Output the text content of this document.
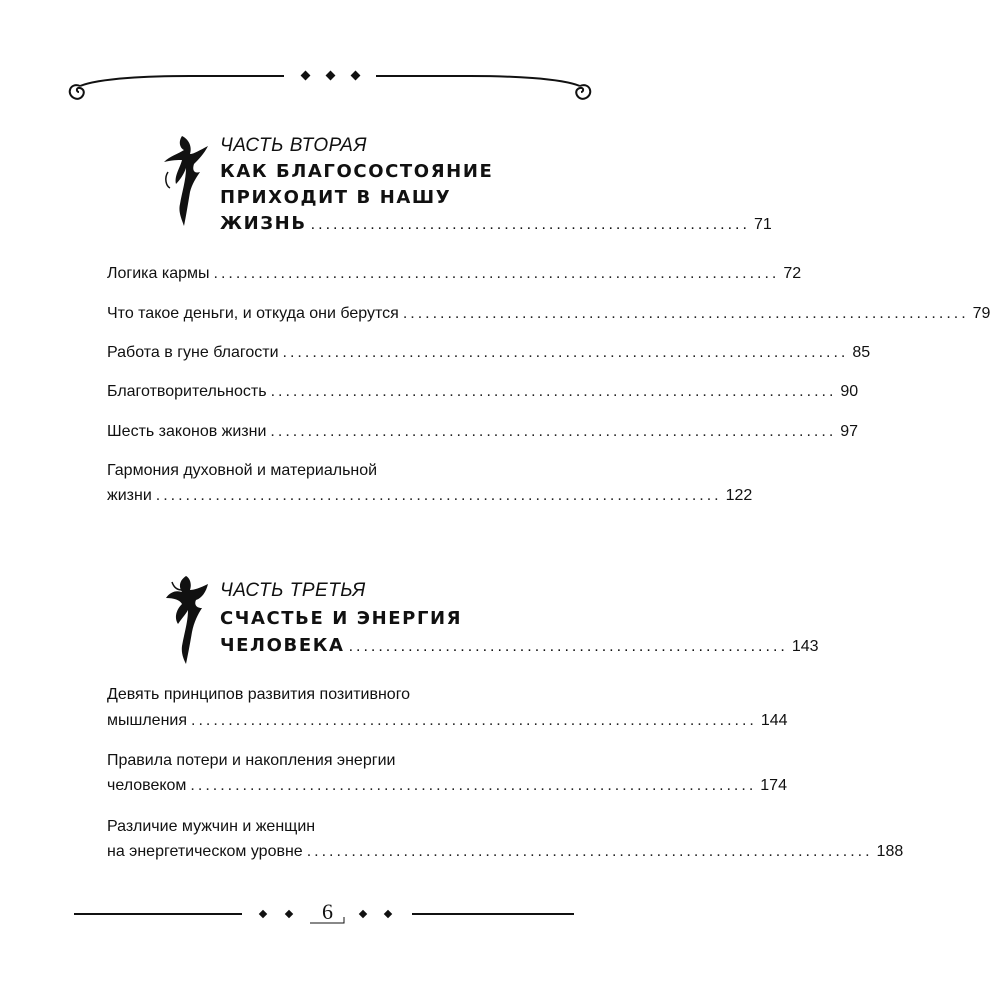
ЧАСТЬ ВТОРАЯ
КАК БЛАГОСОСТОЯНИЕ
ПРИХОДИТ В НАШУ
ЖИЗНЬ ........................................................... 71
Логика кармы ............................................................................ 72
Что такое деньги, и откуда они берутся ............................................................................ 79
Работа в гуне благости ............................................................................ 85
Благотворительность ............................................................................ 90
Шесть законов жизни ............................................................................ 97
Гармония духовной и материальной
жизни ............................................................................ 122
ЧАСТЬ ТРЕТЬЯ
СЧАСТЬЕ И ЭНЕРГИЯ
ЧЕЛОВЕКА ........................................................... 143
Девять принципов развития позитивного
мышления ............................................................................ 144
Правила потери и накопления энергии
человеком ............................................................................ 174
Различие мужчин и женщин
на энергетическом уровне ............................................................................ 188
6
